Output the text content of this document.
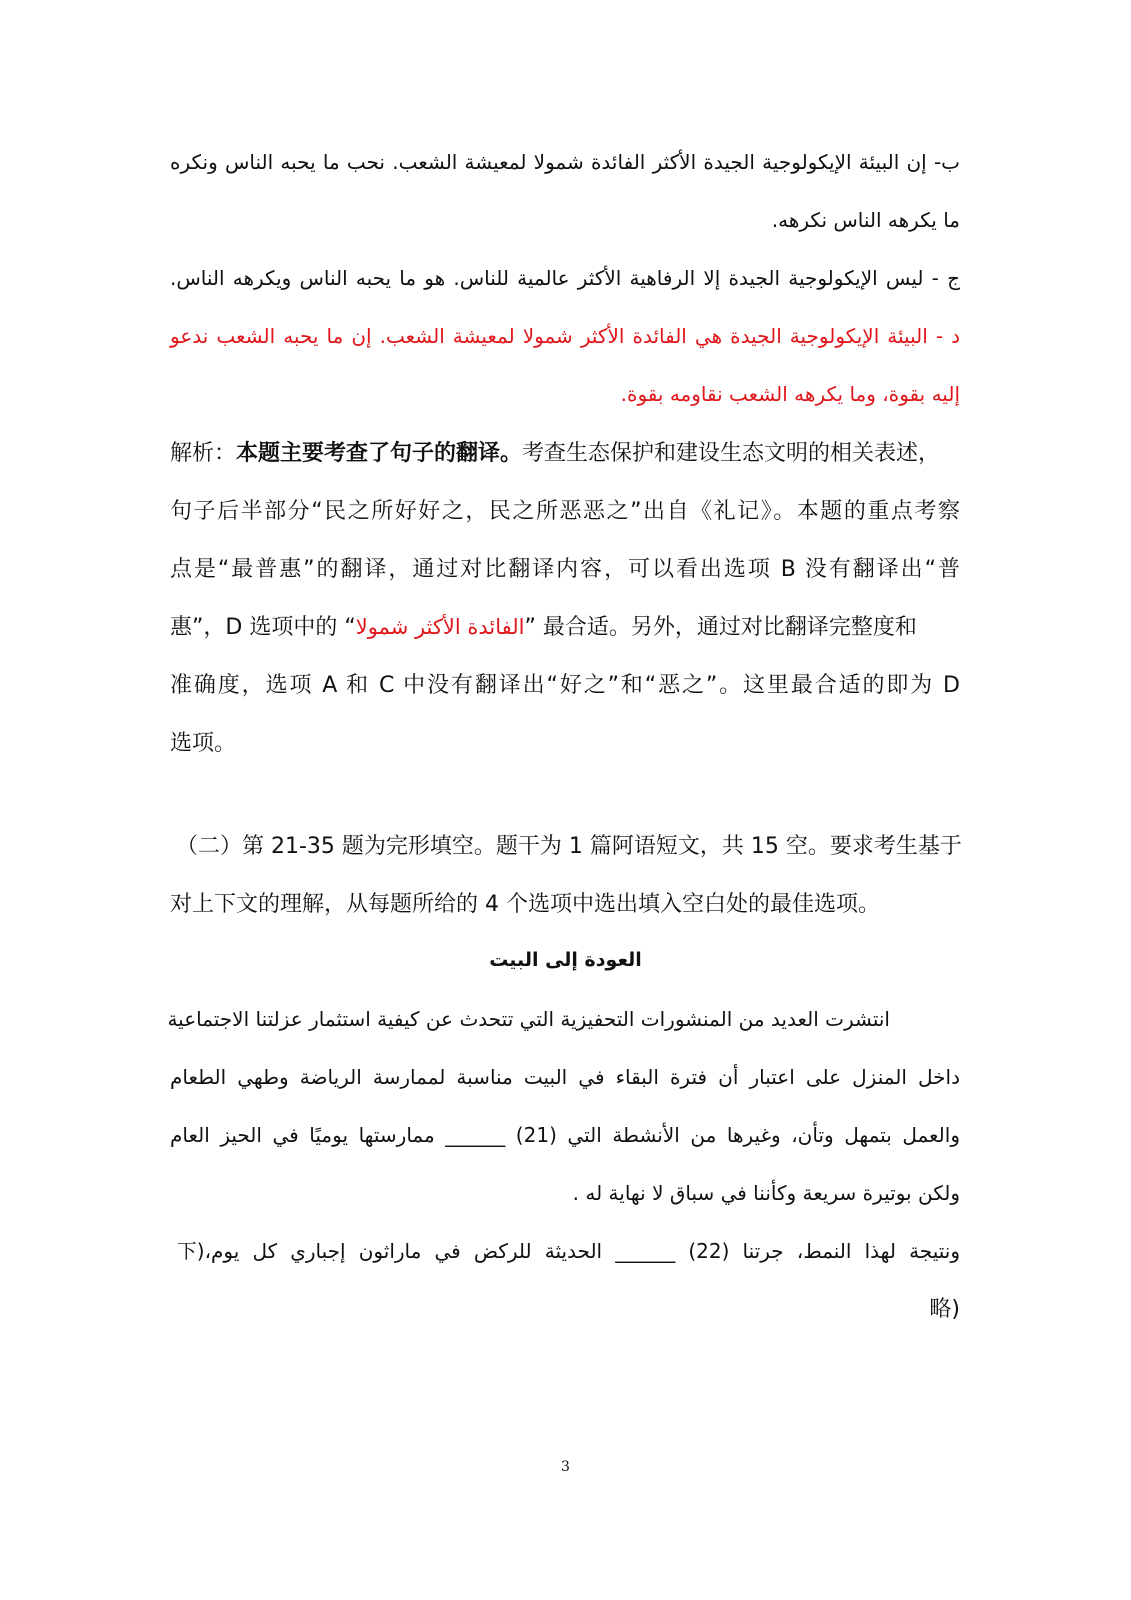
ب- إن البيئة الإيكولوجية الجيدة الأكثر الفائدة شمولا لمعيشة الشعب. نحب ما يحبه الناس ونكره
ما يكرهه الناس نكرهه.
ج - ليس الإيكولوجية الجيدة إلا الرفاهية الأكثر عالمية للناس. هو ما يحبه الناس ويكرهه الناس.
د - البيئة الإيكولوجية الجيدة هي الفائدة الأكثر شمولا لمعيشة الشعب. إن ما يحبه الشعب ندعو
إليه بقوة، وما يكرهه الشعب نقاومه بقوة.
解析：本题主要考查了句子的翻译。考查生态保护和建设生态文明的相关表述，
句子后半部分“民之所好好之，民之所恶恶之”出自《礼记》。本题的重点考察
点是“最普惠”的翻译，通过对比翻译内容，可以看出选项 B 没有翻译出“普
惠”，D 选项中的 “الفائدة الأكثر شمولا” 最合适。另外，通过对比翻译完整度和
准确度，选项 A 和 C 中没有翻译出“好之”和“恶之”。这里最合适的即为 D
选项。
（二）第 21-35 题为完形填空。题干为 1 篇阿语短文，共 15 空。要求考生基于
对上下文的理解，从每题所给的 4 个选项中选出填入空白处的最佳选项。
العودة إلى البيت
انتشرت العديد من المنشورات التحفيزية التي تتحدث عن كيفية استثمار عزلتنا الاجتماعية
داخل المنزل على اعتبار أن فترة البقاء في البيت مناسبة لممارسة الرياضة وطهي الطعام
والعمل بتمهل وتأن، وغيرها من الأنشطة التي (21) ______ ممارستها يوميًا في الحيز العام
ولكن بوتيرة سريعة وكأننا في سباق لا نهاية له .
ونتيجة لهذا النمط، جرتنا (22) ______ الحديثة للركض في ماراثون إجباري كل يوم،(下
略)
3
